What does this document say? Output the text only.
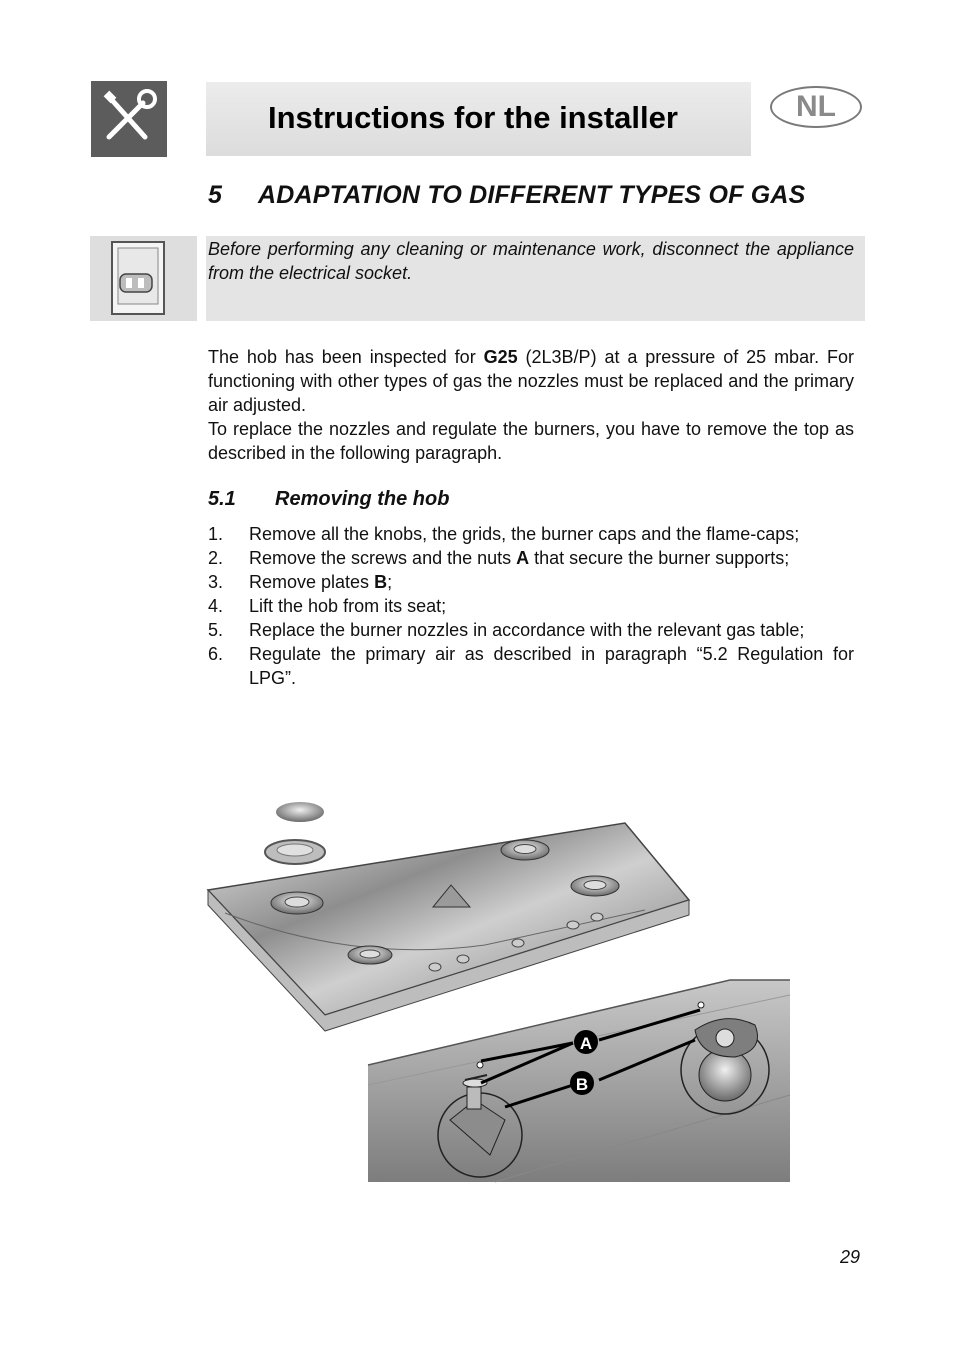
Instructions for the installer	NL
5 ADAPTATION TO DIFFERENT TYPES OF GAS
Before performing any cleaning or maintenance work, disconnect the appliance from the electrical socket.
The hob has been inspected for G25 (2L3B/P) at a pressure of 25 mbar. For functioning with other types of gas the nozzles must be replaced and the primary air adjusted.
To replace the nozzles and regulate the burners, you have to remove the top as described in the following paragraph.
5.1 Removing the hob
1. Remove all the knobs, the grids, the burner caps and the flame-caps;
2. Remove the screws and the nuts A that secure the burner supports;
3. Remove plates B;
4. Lift the hob from its seat;
5. Replace the burner nozzles in accordance with the relevant gas table;
6. Regulate the primary air as described in paragraph “5.2 Regulation for LPG”.
A
B
29
